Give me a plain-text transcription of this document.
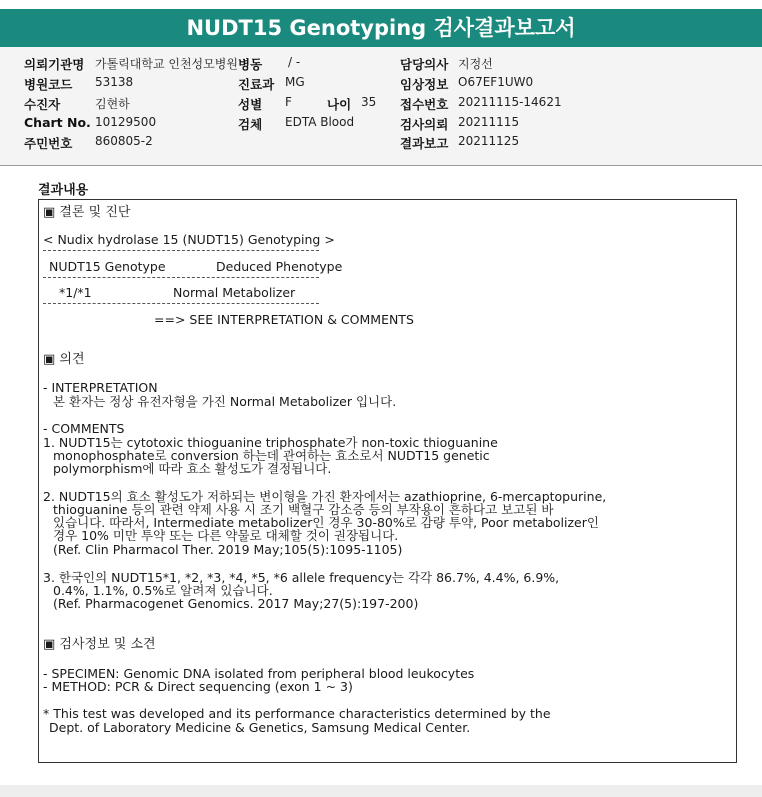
NUDT15 Genotyping 검사결과보고서
의뢰기관명 가톨릭대학교 인천성모병원 병동 / -	담당의사 지정선
병원코드 53138	진료과 MG	임상정보 O67EF1UW0
수진자	김현하	성별 F	나이 35 접수번호 20211115-14621
Chart No. 10129500	검체 EDTA Blood	검사의뢰 20211115
주민번호 860805-2	결과보고 20211125
결과내용
▣ 결론 및 진단
< Nudix hydrolase 15 (NUDT15) Genotyping >
NUDT15 Genotype	Deduced Phenotype
*1/*1	Normal Metabolizer
==> SEE INTERPRETATION & COMMENTS
▣ 의견
- INTERPRETATION
본 환자는 정상 유전자형을 가진 Normal Metabolizer 입니다.
- COMMENTS
1. NUDT15는 cytotoxic thioguanine triphosphate가 non-toxic thioguanine
monophosphate로 conversion 하는데 관여하는 효소로서 NUDT15 genetic
polymorphism에 따라 효소 활성도가 결정됩니다.
2. NUDT15의 효소 활성도가 저하되는 변이형을 가진 환자에서는 azathioprine, 6-mercaptopurine,
thioguanine 등의 관련 약제 사용 시 조기 백혈구 감소증 등의 부작용이 흔하다고 보고된 바
있습니다. 따라서, Intermediate metabolizer인 경우 30-80%로 감량 투약, Poor metabolizer인
경우 10% 미만 투약 또는 다른 약물로 대체할 것이 권장됩니다.
(Ref. Clin Pharmacol Ther. 2019 May;105(5):1095-1105)
3. 한국인의 NUDT15*1, *2, *3, *4, *5, *6 allele frequency는 각각 86.7%, 4.4%, 6.9%,
0.4%, 1.1%, 0.5%로 알려져 있습니다.
(Ref. Pharmacogenet Genomics. 2017 May;27(5):197-200)
▣ 검사정보 및 소견
- SPECIMEN: Genomic DNA isolated from peripheral blood leukocytes
- METHOD: PCR & Direct sequencing (exon 1 ~ 3)
* This test was developed and its performance characteristics determined by the
Dept. of Laboratory Medicine & Genetics, Samsung Medical Center.
